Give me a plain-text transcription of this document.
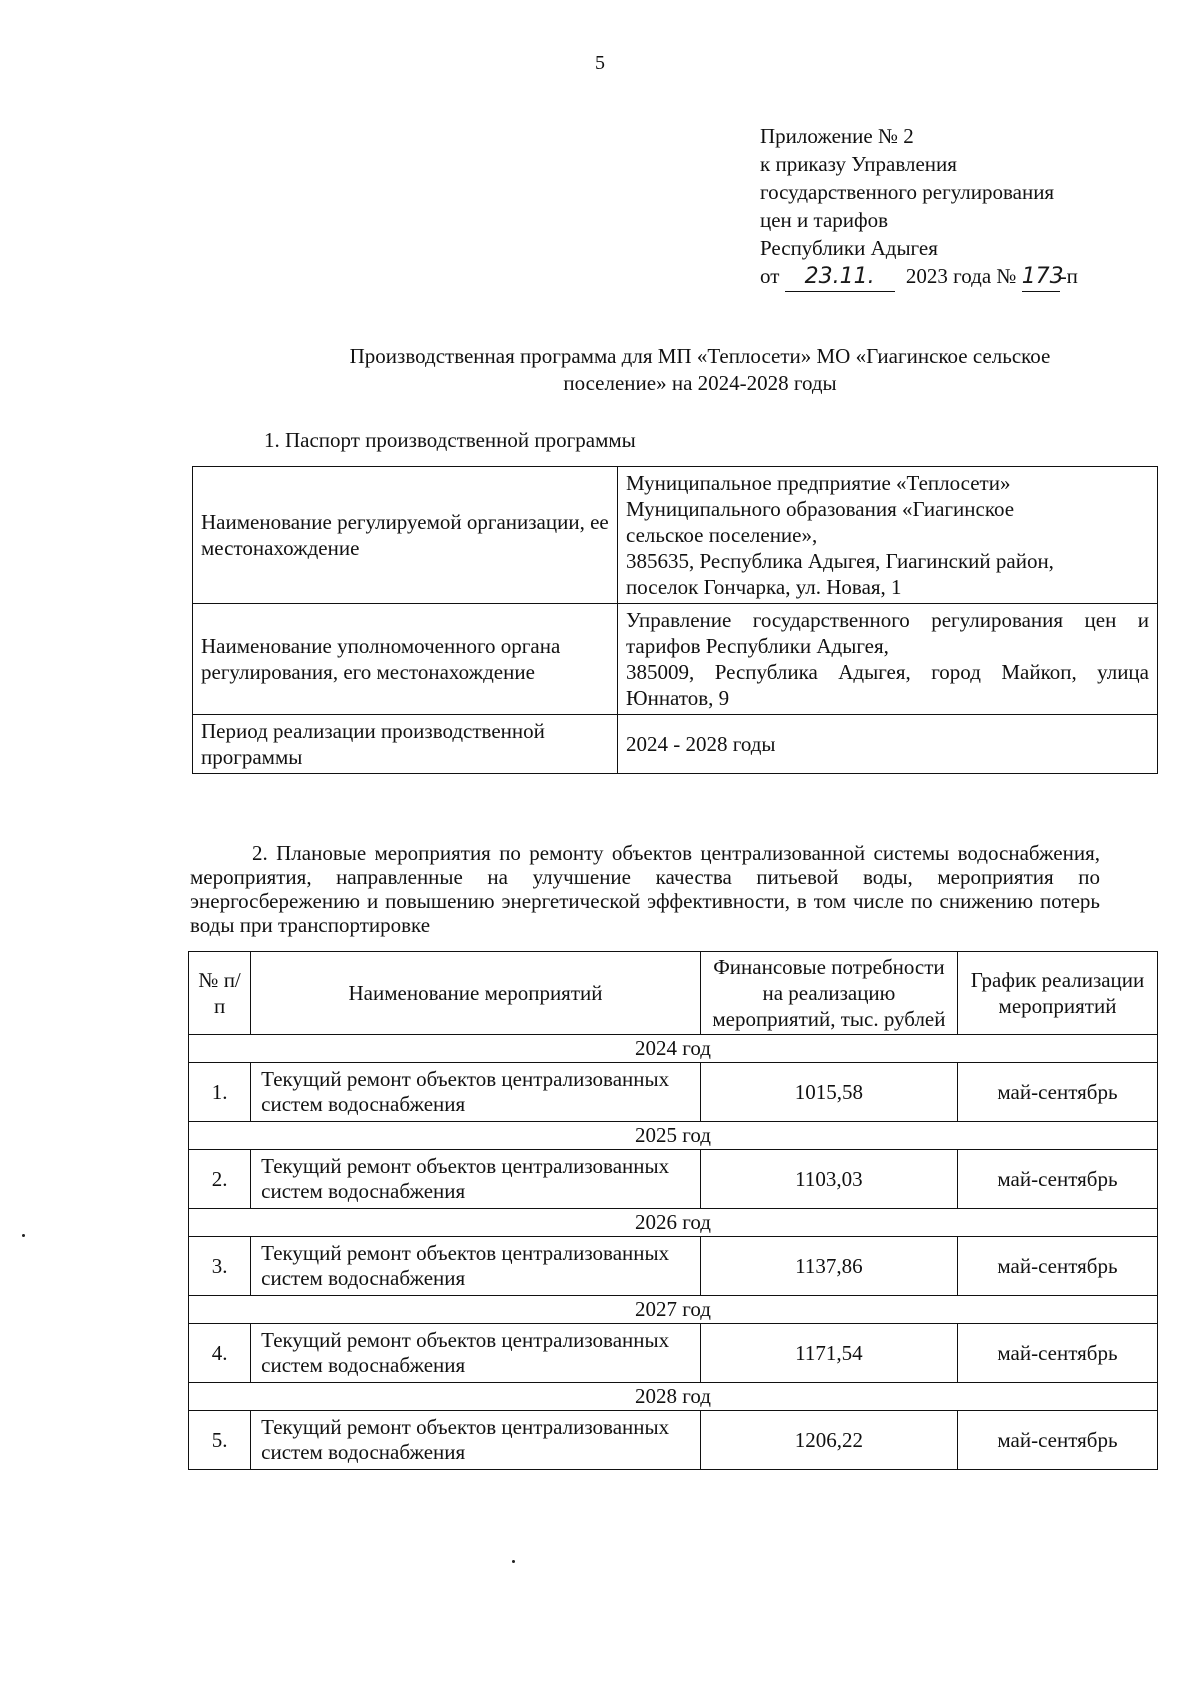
5
Приложение № 2
к приказу Управления
государственного регулирования
цен и тарифов
Республики Адыгея
от 23.11. 2023 года № 173-п
Производственная программа для МП «Теплосети» МО «Гиагинское сельское
поселение» на 2024-2028 годы
1. Паспорт производственной программы
Наименование регулируемой организации, ее местонахождение	Муниципальное предприятие «Теплосети»
Муниципального образования «Гиагинское
сельское поселение»,
385635, Республика Адыгея, Гиагинский район,
поселок Гончарка, ул. Новая, 1

Наименование уполномоченного органа регулирования, его местонахождение	Управление государственного регулирования цен и тарифов Республики Адыгея,
385009, Республика Адыгея, город Майкоп, улица Юннатов, 9

Период реализации производственной программы	2024 - 2028 годы
2. Плановые мероприятия по ремонту объектов централизованной системы водоснабжения, мероприятия, направленные на улучшение качества питьевой воды, мероприятия по энергосбережению и повышению энергетической эффективности, в том числе по снижению потерь воды при транспортировке
№ п/п	Наименование мероприятий	Финансовые потребности на реализацию мероприятий, тыс. рублей	График реализации мероприятий
2024 год			
1.	Текущий ремонт объектов централизованных систем водоснабжения	1015,58	май-сентябрь
2025 год			
2.	Текущий ремонт объектов централизованных систем водоснабжения	1103,03	май-сентябрь
2026 год			
3.	Текущий ремонт объектов централизованных систем водоснабжения	1137,86	май-сентябрь
2027 год			
4.	Текущий ремонт объектов централизованных систем водоснабжения	1171,54	май-сентябрь
2028 год			
5.	Текущий ремонт объектов централизованных систем водоснабжения	1206,22	май-сентябрь
